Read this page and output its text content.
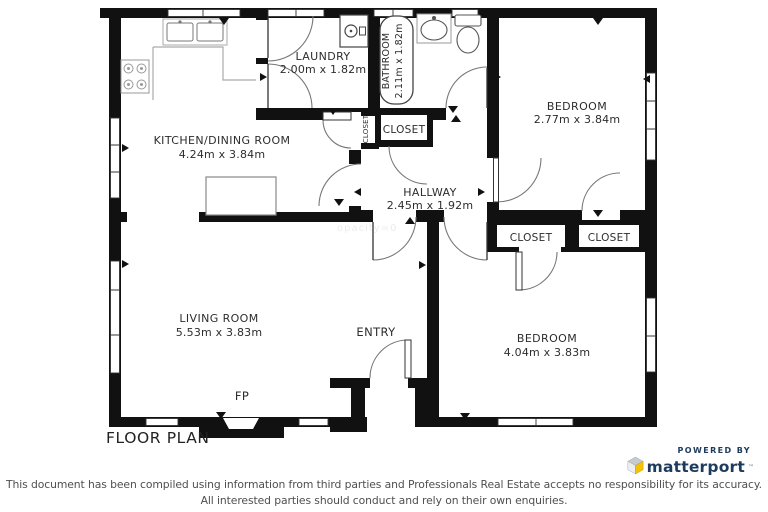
opacity=0
KITCHEN/DINING ROOM
4.24m x 3.84m
LAUNDRY
2.00m x 1.82m BATHROOM 2.11m x 1.82m
BEDROOM
2.77m x 3.84m
HALLWAY
2.45m x 1.92m
CLOSET CLOSET
CLOSET	CLOSET
LIVING ROOM
5.53m x 3.83m	ENTRY	BEDROOM
4.04m x 3.83m
FP
FLOOR PLAN
POWERED BY
matterport ™
This document has been compiled using information from third parties and Professionals Real Estate accepts no responsibility for its accuracy.
All interested parties should conduct and rely on their own enquiries.
